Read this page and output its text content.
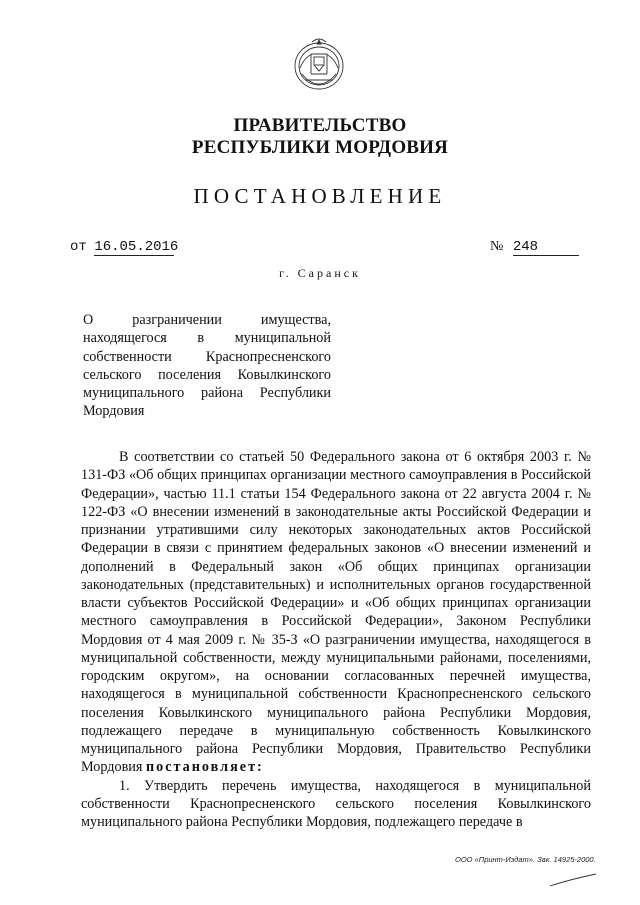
ПРАВИТЕЛЬСТВО
РЕСПУБЛИКИ МОРДОВИЯ
ПОСТАНОВЛЕНИЕ
от 16.05.2016	№ 248
г. Саранск
О разграничении имущества, находящегося в муниципальной собственности Краснопресненского сельского поселения Ковылкинского муниципального района Республики Мордовия

В соответствии со статьей 50 Федерального закона от 6 октября 2003 г. № 131-ФЗ «Об общих принципах организации местного самоуправления в Российской Федерации», частью 11.1 статьи 154 Федерального закона от 22 августа 2004 г. № 122-ФЗ «О внесении изменений в законодательные акты Российской Федерации и признании утратившими силу некоторых законодательных актов Российской Федерации в связи с принятием федеральных законов «О внесении изменений и дополнений в Федеральный закон «Об общих принципах организации законодательных (представительных) и исполнительных органов государственной власти субъектов Российской Федерации» и «Об общих принципах организации местного самоуправления в Российской Федерации», Законом Республики Мордовия от 4 мая 2009 г. № 35-З «О разграничении имущества, находящегося в муниципальной собственности, между муниципальными районами, поселениями, городским округом», на основании согласованных перечней имущества, находящегося в муниципальной собственности Краснопресненского сельского поселения Ковылкинского муниципального района Республики Мордовия, подлежащего передаче в муниципальную собственность Ковылкинского муниципального района Республики Мордовия, Правительство Республики Мордовия постановляет:

1. Утвердить перечень имущества, находящегося в муниципальной собственности Краснопресненского сельского поселения Ковылкинского муниципального района Республики Мордовия, подлежащего передаче в

ООО «Принт-Издат». Зак. 14925-2000.
